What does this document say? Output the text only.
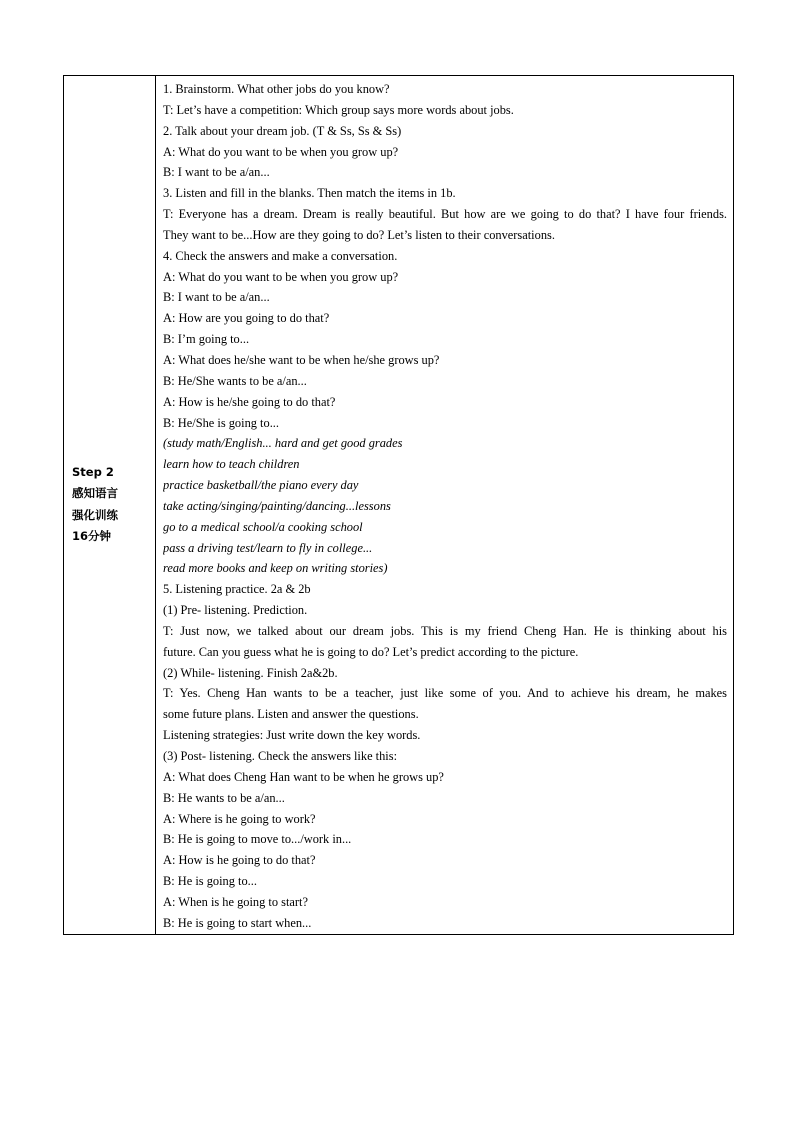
Step 2
感知语言
强化训练
16分钟

1. Brainstorm. What other jobs do you know?
T: Let’s have a competition: Which group says more words about jobs.
2. Talk about your dream job. (T & Ss, Ss & Ss)
A: What do you want to be when you grow up?
B: I want to be a/an...
3. Listen and fill in the blanks. Then match the items in 1b.
T: Everyone has a dream. Dream is really beautiful. But how are we going to do that? I have four friends.
They want to be...How are they going to do? Let’s listen to their conversations.
4. Check the answers and make a conversation.
A: What do you want to be when you grow up?
B: I want to be a/an...
A: How are you going to do that?
B: I’m going to...
A: What does he/she want to be when he/she grows up?
B: He/She wants to be a/an...
A: How is he/she going to do that?
B: He/She is going to...
(study math/English... hard and get good grades
learn how to teach children
practice basketball/the piano every day
take acting/singing/painting/dancing...lessons
go to a medical school/a cooking school
pass a driving test/learn to fly in college...
read more books and keep on writing stories)
5. Listening practice. 2a & 2b
(1) Pre- listening. Prediction.
T: Just now, we talked about our dream jobs. This is my friend Cheng Han. He is thinking about his
future. Can you guess what he is going to do? Let’s predict according to the picture.
(2) While- listening. Finish 2a&2b.
T: Yes. Cheng Han wants to be a teacher, just like some of you. And to achieve his dream, he makes
some future plans. Listen and answer the questions.
Listening strategies: Just write down the key words.
(3) Post- listening. Check the answers like this:
A: What does Cheng Han want to be when he grows up?
B: He wants to be a/an...
A: Where is he going to work?
B: He is going to move to.../work in...
A: How is he going to do that?
B: He is going to...
A: When is he going to start?
B: He is going to start when...
